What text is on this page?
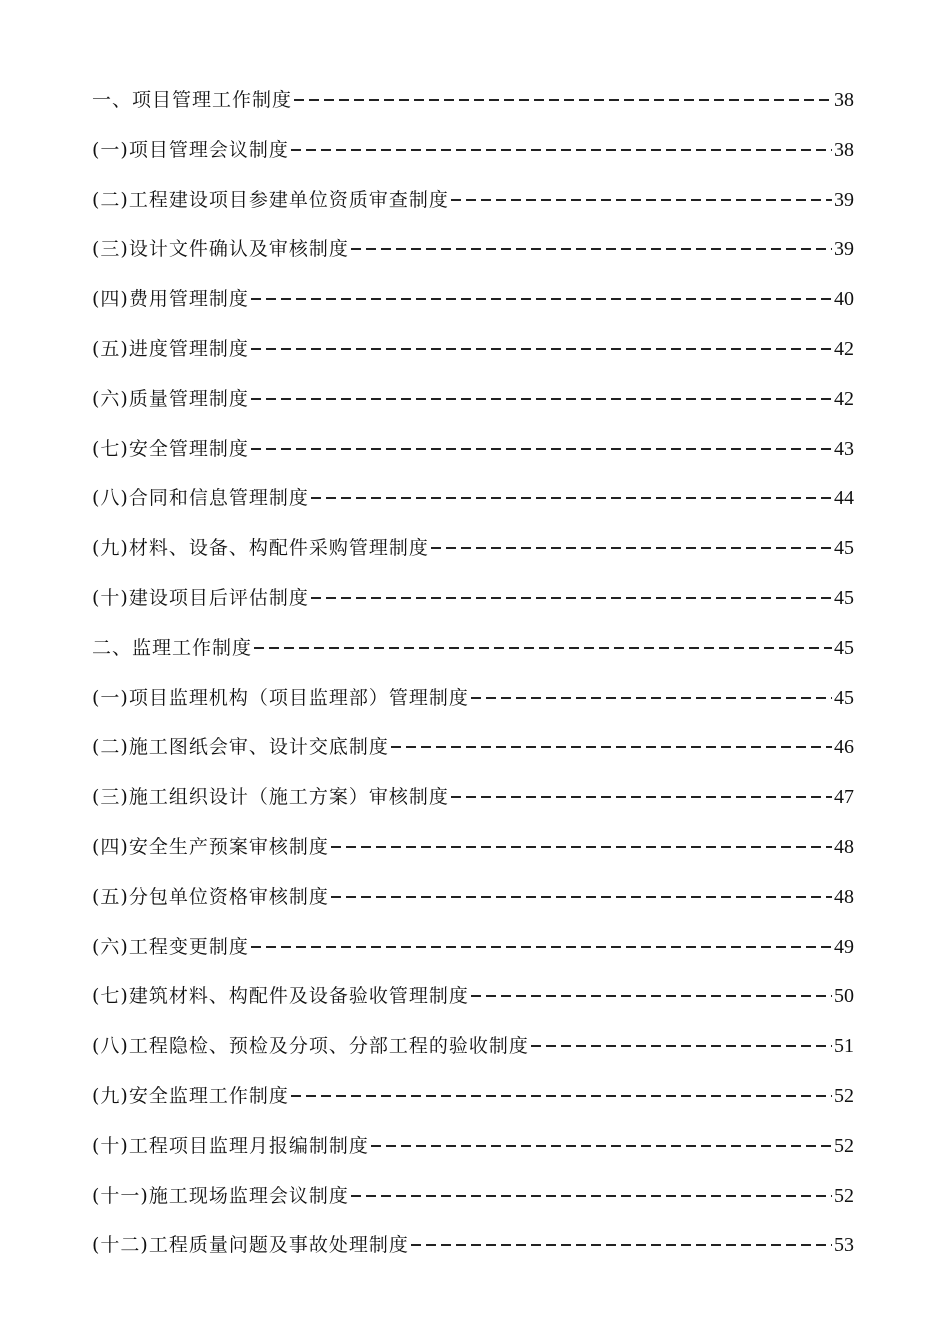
一、项目管理工作制度	38
(一)项目管理会议制度	38
(二)工程建设项目参建单位资质审查制度	39
(三)设计文件确认及审核制度	39
(四)费用管理制度	40
(五)进度管理制度	42
(六)质量管理制度	42
(七)安全管理制度	43
(八)合同和信息管理制度	44
(九)材料、设备、构配件采购管理制度	45
(十)建设项目后评估制度	45
二、监理工作制度	45
(一)项目监理机构（项目监理部）管理制度	45
(二)施工图纸会审、设计交底制度	46
(三)施工组织设计（施工方案）审核制度	47
(四)安全生产预案审核制度	48
(五)分包单位资格审核制度	48
(六)工程变更制度	49
(七)建筑材料、构配件及设备验收管理制度	50
(八)工程隐检、预检及分项、分部工程的验收制度	51
(九)安全监理工作制度	52
(十)工程项目监理月报编制制度	52
(十一)施工现场监理会议制度	52
(十二)工程质量问题及事故处理制度	53
